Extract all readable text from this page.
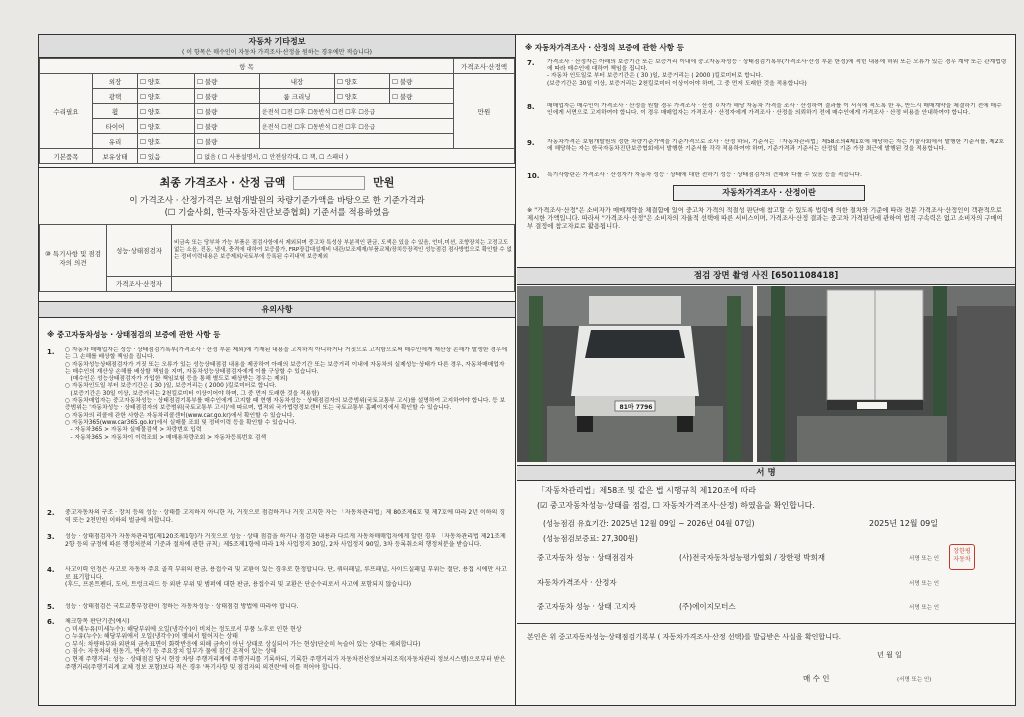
자동차 기타정보
( 이 항목은 매수인이 자동차 가격조사·산정을 원하는 경우에만 적습니다)
항 목							가격조사·산정액
수리필요	외장	☐ 양호	☐ 불량	내장	☐ 양호	☐ 불량	만원
	광택	☐ 양호	☐ 불량	룸 크리닝	☐ 양호	☐ 불량	
	휠	☐ 양호	☐ 불량	운전석 ☐전 ☐후 ☐동반석 ☐전 ☐후 ☐응급			
	타이어	☐ 양호	☐ 불량	운전석 ☐전 ☐후 ☐동반석 ☐전 ☐후 ☐응급			
	유리	☐ 양호	☐ 불량				
기본품목	보유상태	☐ 있음	☐ 없음 ( ☐ 사용설명서, ☐ 안전삼각대, ☐ 잭, ☐ 스패너 )				
최종 가격조사 · 산정 금액	만원
이 가격조사 · 산정가격은 보험개발원의 차량기준가액을 바탕으로 한 기준가격과
(☐ 기술사회, 한국자동차진단보증협회) 기준서를 적용하였음
⑩ 특기사항 및 점검자의 의견	성능·상태점검자	비금속 또는 당부차 가능 부품은 점검사항에서 제외되며 중고차 특성상 부분적인 판금, 도색은 있을 수 있음, 언더,미션, 조향장치는 고정고도없는 소음, 진동, 냄새, 충격에 대하여 보증불가, FRP장갑대설재비 내관/보조제재/부품교체/장치등장적인 성능점검 점사방법으로 확인할 수 없는 정비이력내용은 보증제외/국토부에 등록된 수리내역 보증제외
	가격조사·산정자	
유의사항
※ 중고자동차성능 · 상태점검의 보증에 관한 사항 등
1. ○ 자동차 매매업자는 성능 · 상태점검기록부(가격조사 · 산정 부분 제외)에 기재된 내용을 고지하지 아니하거나 거짓으로 고지함으로써 매수인에게 재산상 손해가 발생한 경우에는 그 손해를 배상할 책임을 집니다.
○ 자동차성능상태점검자가 거짓 또는 오류가 있는 성능상태점검 내용을 제공하여 아래의 보증기간 또는 보증거리 이내에 자동차의 실제성능·상태가 다른 경우, 자동차매매업자는 매수인의 재산상 손해를 배상할 책임을 지며, 자동차성능상태점검자에게 이를 구상할 수 있습니다.
(매수인은 성능상태점검자가 가입한 책임보험 등을 통해 별도로 배상받는 경우는 제외)
○ 자동차인도일 부터 보증기간은 ( 30 )일, 보증거리는 ( 2000 )킬로미터로 합니다.
(보증기간은 30일 이상, 보증거리는 2천킬로미터 이상이어야 하며, 그 중 먼저 도래한 것을 적용함)
○ 자동차매업자는 중고자동차성능 · 상태점검기록부를 매수인에게 고지할 때 현행 자동차성능 · 상태점검자의 보증범위(국토교통부 고시)를 설명하여 고지하여야 합니다. 등 보증범위는 '자동차성능 · 상태점검자의 보증범위(국토교통부 고시)'에 따르며, 법적외 국가법령정보센터 또는 국토교통부 홈페이지에서 확인할 수 있습니다.
○ 자동차의 리콜에 관한 사항은 자동차리콜센터(www.car.go.kr)에서 확인할 수 있습니다.
○ 자동차365(www.car365.go.kr)에서 실매물 조회 및 정비이력 등을 확인할 수 있습니다.
- 자동차365 > 자동차 실매물검색 > 차량번호 입력
- 자동차365 > 자동차이 이력조회 > 매매용차량조회 > 자동차등록번호 검색
2. 중고자동차의 구조 · 장치 등의 성능 · 상태를 고지하지 아니한 자, 거짓으로 점검하거나 거짓 고지한 자는 「자동차관리법」제 80조제6호 및 제7호에 따라 2년 이하의 징역 또는 2천만원 이하의 벌금에 처합니다.
3. 성능 · 상태점검자가 자동차관리법(제120조제1항)가 거짓으로 성능 · 상태 점검을 하거나 점검한 내용과 다르게 자동차매매업자에게 알린 경우 「자동차관리법 제21조제2항 등의 규정에 따른 행정처분의 기준과 절차에 관한 규칙」제5조제1항에 따라 1차 사업정지 30일, 2차 사업정지 90일, 3차 등록취소의 행정처분을 받습니다.
4. 사고이력 인정은 사고로 자동차 주요 골격 부위의 판금, 용접수리 및 교환이 있는 경우로 한정합니다. 단, 쿼터패널, 루프패널, 사이드실패널 부위는 절단, 용접 시에만 사고로 표기합니다.
(후드, 프론트펜더, 도어, 트렁크리드 등 외판 부위 및 범퍼에 대한 판금, 용접수리 및 교환은 단순수리로서 사고에 포함되지 않습니다)
5. 성능 · 상태점검은 국토교통부장관이 정하는 자동차성능 · 상태점검 방법에 따라야 합니다.
6. 체크항목 판단기준(예시)
○ 미세누유(미세누수): 해당부위에 오일(냉각수)이 비치는 정도로서 부품 노후로 인한 현상
○ 누유(누수): 해당부위에서 오일(냉각수)이 맺혀서 떨어지는 상태
○ 부식: 차량하부와 외판의 금속표면이 화학반응에 의해 금속이 아닌 상태로 상실되어 가는 현상(단순히 녹슬어 있는 상태는 제외합니다)
○ 침수: 자동차의 원동기, 변속기 등 주요장치 일부가 물에 잠긴 흔적이 있는 상태
○ 현재 주행거리: 성능 · 상태점검 당시 현장 차량 주행거리계에 주행거리를 기록하되, 기록한 주행거리가 자동차전산정보처리조직(자동차관리 정보시스템)으로부터 받은 주행거리(주행기리계 교체 정보 포함)보다 적은 경우 '특기사항 및 점검자의 의견란'에 이를 적어야 합니다.
※ 자동차가격조사 · 산정의 보증에 관한 사항 등
7. 가격조사 · 산정자는 아래의 보증기간 또는 보증거리 이내에 중고자동차성능 · 상태점검기록부(가격조사·산정 부분 한정)에 적힌 내용에 허위 또는 오류가 있는 경우 계약 또는 관계법령에 따라 매수인에 대하여 책임을 집니다.
- 자동차 인도일로 부터 보증기간은 ( 30 )일, 보증거리는 ( 2000 )킬로미터로 합니다.
(보증기간은 30일 이상, 보증거리는 2천킬로미터 이상이어야 하며, 그 중 먼저 도래한 것을 적용합니다)
8. 매매업자는 매수인이 가격조사 · 산정을 원할 경우 가격조사 · 산정 ㅇ자가 해당 자동차 가격을 조사 · 산정하여 결과를 이 서식에 적도록 한 후, 반드시 매매계약을 체결하기 전에 매수인에게 서면으로 고지하여야 합니다. 이 경우 매매업자는 가격조사 · 산정자에게 가격조사 · 산정을 의뢰하기 전에 매수인에게 가격조사 · 산정 비용을 안내하여야 합니다.
9. 자동차가격은 보험개발원의 정한 차량기준가액을 기준가격으로 조사 · 산정 하되, 기준서는 「자동차관리법」제58조의4제1호에 해당하는 자는 기술사회에서 발행한 기준서를, 제2호에 해당하는 자는 한국자동차진단보증협회에서 발행한 기준서를 각각 적용하여야 하며, 기준가격과 기준서는 산정일 기준 가장 최근에 발행된 것을 적용합니다.
10. 특기사항란은 가격조사 · 산정자가 자동차 성능 · 상태에 대한 전하기 성능 · 상태점검자의 견해와 다를 수 있음 등을 적습니다.
자동차가격조사 · 산정이란
※ "가격조사·산정"은 소비자가 매매계약을 체결함에 있어 중고차 가격의 적절성 판단에 참고할 수 있도록 법령에 의한 절차와 기준에 따라 전문 가격조사·산정인이 객관적으로 제시한 가액입니다. 따라서 "가격조사·산정"은 소비자의 자율적 선택에 따른 서비스이며, 가격조사·산정 결과는 중고차 가격판단에 관하여 법적 구속력은 없고 소비자의 구매여부 결정에 참고자료로 활용됩니다.
점검 장면 촬영 사진 [6501108418]
81마 7796
서 명
「자동차관리법」제58조 및 같은 법 시행규칙 제120조에 따라
(☑ 중고자동차성능·상태를 점검, ☐ 자동차가격조사·산정) 하였음을 확인합니다.
(성능점검 유효기간: 2025년 12월 09일 ~ 2026년 04월 07일)	2025년 12월 09일
(성능점검보증료: 27,300원)
중고자동차 성능 · 상태점검자	(사)전국자동차성능평가협회 / 장한평 박희재	서명 또는 인
장한평 자동차
자동차가격조사 · 산정자	서명 또는 인
중고자동차 성능 · 상태 고지자	(주)에이지모터스	서명 또는 인
본인은 위 중고자동차성능·상태점검기록부 ( 자동차가격조사·산정 선택)를 발급받은 사실을 확인합니다.
년 월 일
매 수 인	(서명 또는 인)
